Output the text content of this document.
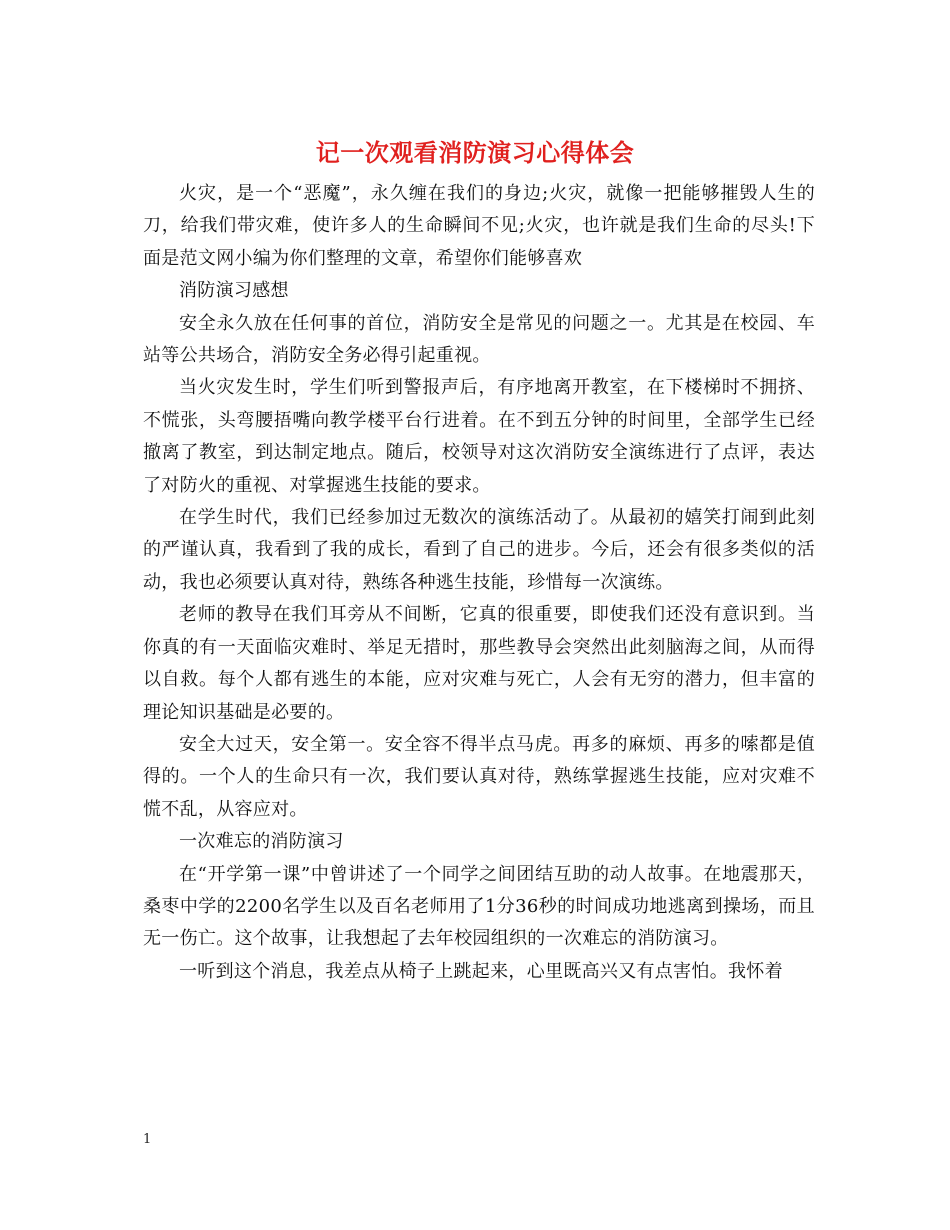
记一次观看消防演习心得体会

火灾，是一个“恶魔”，永久缠在我们的身边;火灾，就像一把能够摧毁人生的刀，给我们带灾难，使许多人的生命瞬间不见;火灾，也许就是我们生命的尽头!下面是范文网小编为你们整理的文章，希望你们能够喜欢

消防演习感想

安全永久放在任何事的首位，消防安全是常见的问题之一。尤其是在校园、车站等公共场合，消防安全务必得引起重视。

当火灾发生时，学生们听到警报声后，有序地离开教室，在下楼梯时不拥挤、不慌张，头弯腰捂嘴向教学楼平台行进着。在不到五分钟的时间里，全部学生已经撤离了教室，到达制定地点。随后，校领导对这次消防安全演练进行了点评，表达了对防火的重视、对掌握逃生技能的要求。

在学生时代，我们已经参加过无数次的演练活动了。从最初的嬉笑打闹到此刻的严谨认真，我看到了我的成长，看到了自己的进步。今后，还会有很多类似的活动，我也必须要认真对待，熟练各种逃生技能，珍惜每一次演练。

老师的教导在我们耳旁从不间断，它真的很重要，即使我们还没有意识到。当你真的有一天面临灾难时、举足无措时，那些教导会突然出此刻脑海之间，从而得以自救。每个人都有逃生的本能，应对灾难与死亡，人会有无穷的潜力，但丰富的理论知识基础是必要的。

安全大过天，安全第一。安全容不得半点马虎。再多的麻烦、再多的嗦都是值得的。一个人的生命只有一次，我们要认真对待，熟练掌握逃生技能，应对灾难不慌不乱，从容应对。

一次难忘的消防演习

在“开学第一课”中曾讲述了一个同学之间团结互助的动人故事。在地震那天，桑枣中学的2200名学生以及百名老师用了1分36秒的时间成功地逃离到操场，而且无一伤亡。这个故事，让我想起了去年校园组织的一次难忘的消防演习。

一听到这个消息，我差点从椅子上跳起来，心里既高兴又有点害怕。我怀着

1
